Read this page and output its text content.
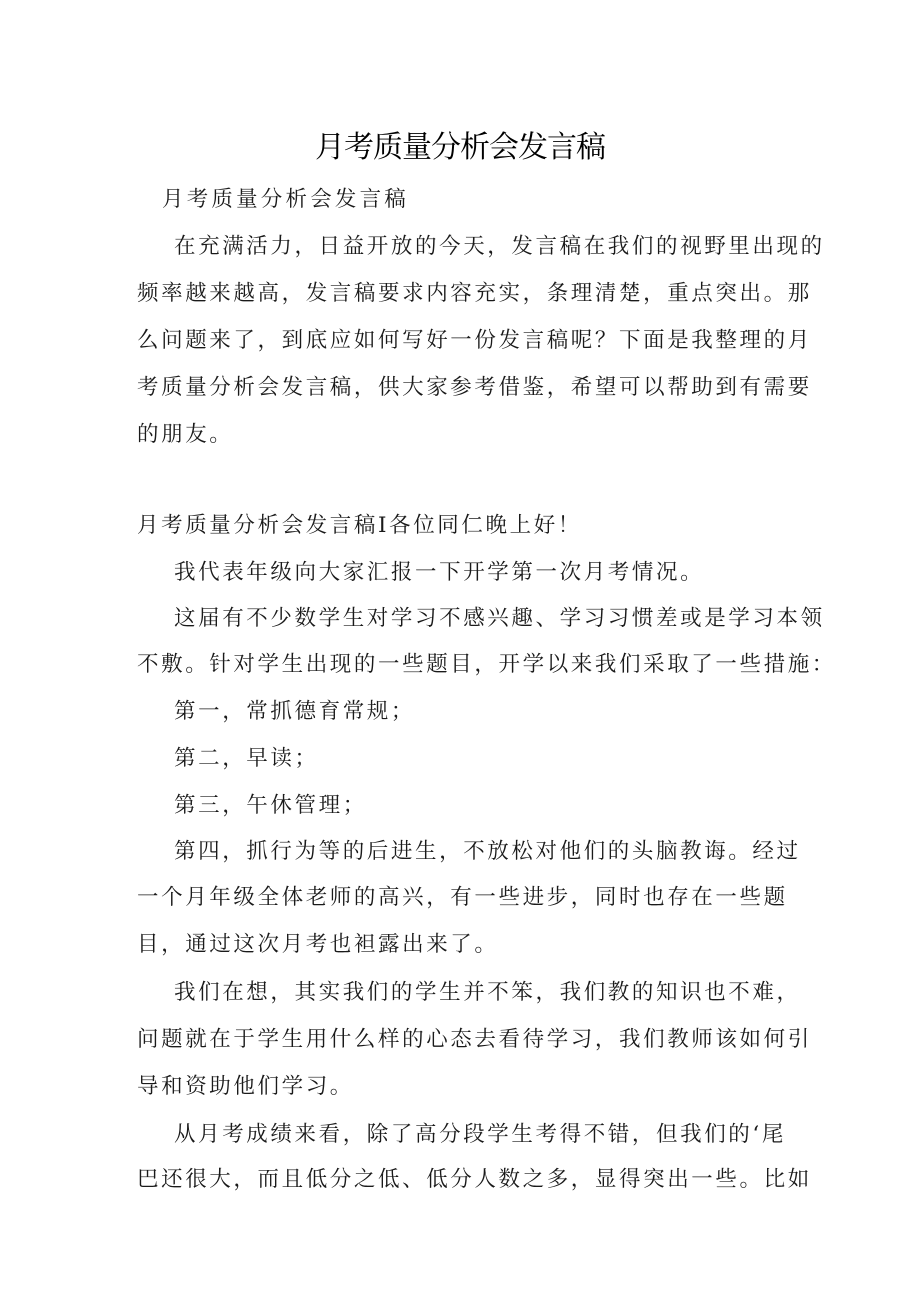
月考质量分析会发言稿
月考质量分析会发言稿
在充满活力，日益开放的今天，发言稿在我们的视野里出现的
频率越来越高，发言稿要求内容充实，条理清楚，重点突出。那
么问题来了，到底应如何写好一份发言稿呢？下面是我整理的月
考质量分析会发言稿，供大家参考借鉴，希望可以帮助到有需要
的朋友。
月考质量分析会发言稿I各位同仁晚上好！
我代表年级向大家汇报一下开学第一次月考情况。
这届有不少数学生对学习不感兴趣、学习习惯差或是学习本领
不敷。针对学生出现的一些题目，开学以来我们采取了一些措施：
第一，常抓德育常规；
第二，早读；
第三，午休管理；
第四，抓行为等的后进生，不放松对他们的头脑教诲。经过
一个月年级全体老师的高兴，有一些进步，同时也存在一些题
目，通过这次月考也袒露出来了。
我们在想，其实我们的学生并不笨，我们教的知识也不难，
问题就在于学生用什么样的心态去看待学习，我们教师该如何引
导和资助他们学习。
从月考成绩来看，除了高分段学生考得不错，但我们的‘尾
巴还很大，而且低分之低、低分人数之多，显得突出一些。比如
